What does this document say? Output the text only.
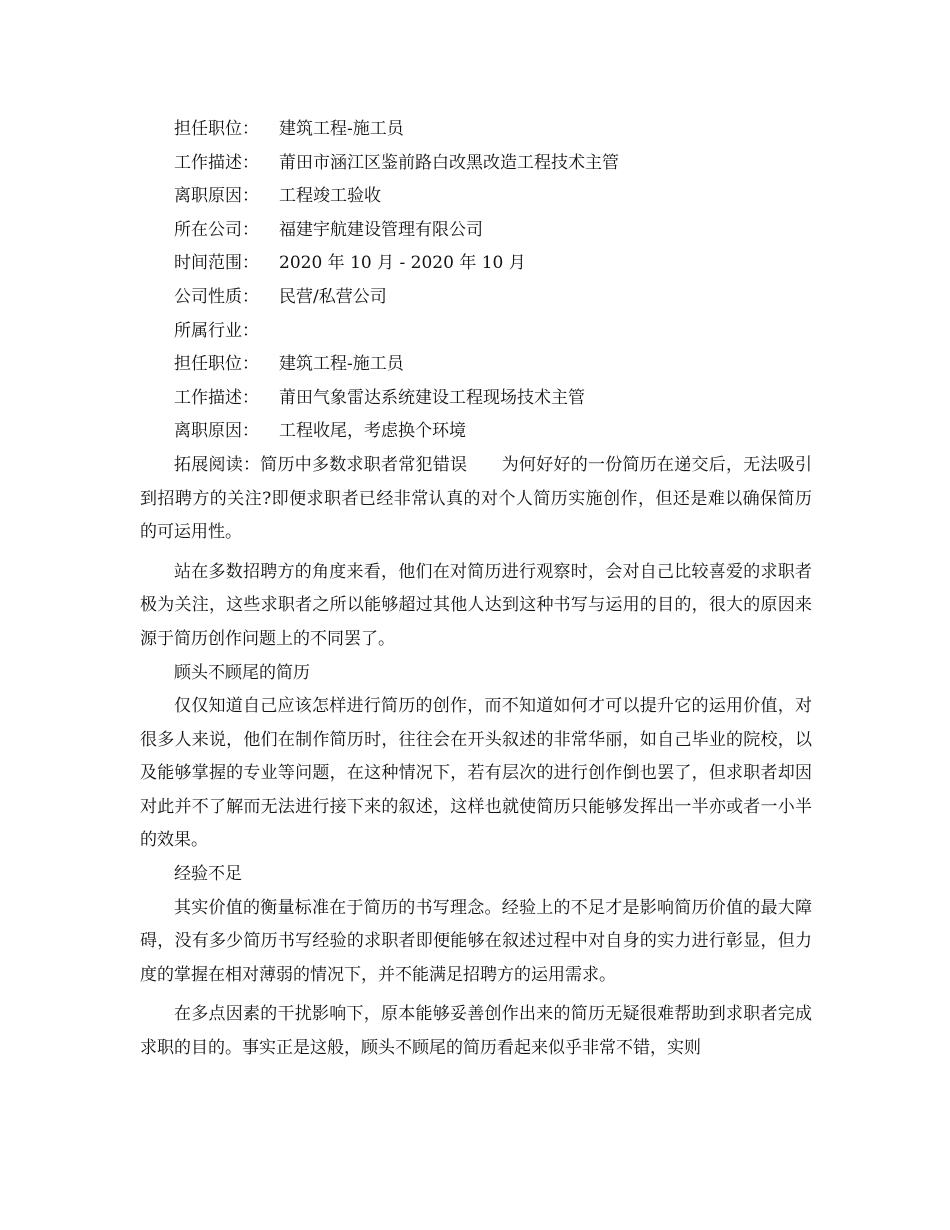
担任职位：	建筑工程-施工员
工作描述：	莆田市涵江区鉴前路白改黑改造工程技术主管
离职原因：	工程竣工验收
所在公司：	福建宇航建设管理有限公司
时间范围：	2020 年 10 月 - 2020 年 10 月
公司性质：	民营/私营公司
所属行业：
担任职位：	建筑工程-施工员
工作描述：	莆田气象雷达系统建设工程现场技术主管
离职原因：	工程收尾，考虑换个环境

拓展阅读：简历中多数求职者常犯错误　　为何好好的一份简历在递交后，无法吸引到招聘方的关注?即便求职者已经非常认真的对个人简历实施创作，但还是难以确保简历的可运用性。

站在多数招聘方的角度来看，他们在对简历进行观察时，会对自己比较喜爱的求职者极为关注，这些求职者之所以能够超过其他人达到这种书写与运用的目的，很大的原因来源于简历创作问题上的不同罢了。

顾头不顾尾的简历

仅仅知道自己应该怎样进行简历的创作，而不知道如何才可以提升它的运用价值，对很多人来说，他们在制作简历时，往往会在开头叙述的非常华丽，如自己毕业的院校，以及能够掌握的专业等问题，在这种情况下，若有层次的进行创作倒也罢了，但求职者却因对此并不了解而无法进行接下来的叙述，这样也就使简历只能够发挥出一半亦或者一小半的效果。

经验不足

其实价值的衡量标准在于简历的书写理念。经验上的不足才是影响简历价值的最大障碍，没有多少简历书写经验的求职者即便能够在叙述过程中对自身的实力进行彰显，但力度的掌握在相对薄弱的情况下，并不能满足招聘方的运用需求。

在多点因素的干扰影响下，原本能够妥善创作出来的简历无疑很难帮助到求职者完成求职的目的。事实正是这般，顾头不顾尾的简历看起来似乎非常不错，实则
